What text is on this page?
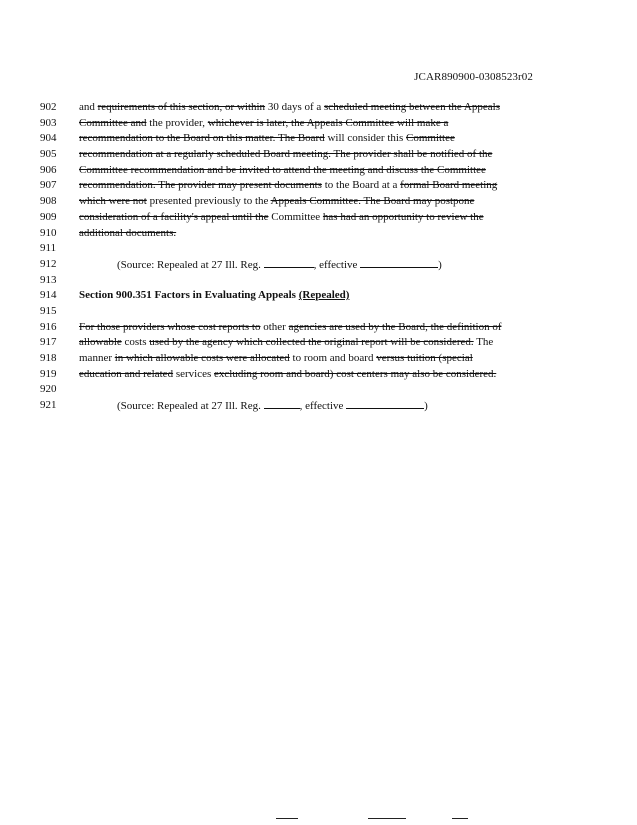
JCAR890900-0308523r02
902	and requirements of this section, or within 30 days of a scheduled meeting between the Appeals
903	Committee and the provider, whichever is later, the Appeals Committee will make a
904	recommendation to the Board on this matter. The Board will consider this Committee
905	recommendation at a regularly scheduled Board meeting. The provider shall be notified of the
906	Committee recommendation and be invited to attend the meeting and discuss the Committee
907	recommendation. The provider may present documents to the Board at a formal Board meeting
908	which were not presented previously to the Appeals Committee. The Board may postpone
909	consideration of a facility's appeal until the Committee has had an opportunity to review the
910	additional documents.
911
912	(Source: Repealed at 27 Ill. Reg.	, effective	)
913
914	Section 900.351 Factors in Evaluating Appeals (Repealed)
915
916	For those providers whose cost reports to other agencies are used by the Board, the definition of
917	allowable costs used by the agency which collected the original report will be considered. The
918	manner in which allowable costs were allocated to room and board versus tuition (special
919	education and related services excluding room and board) cost centers may also be considered.
920
921	(Source: Repealed at 27 Ill. Reg.	, effective	)
